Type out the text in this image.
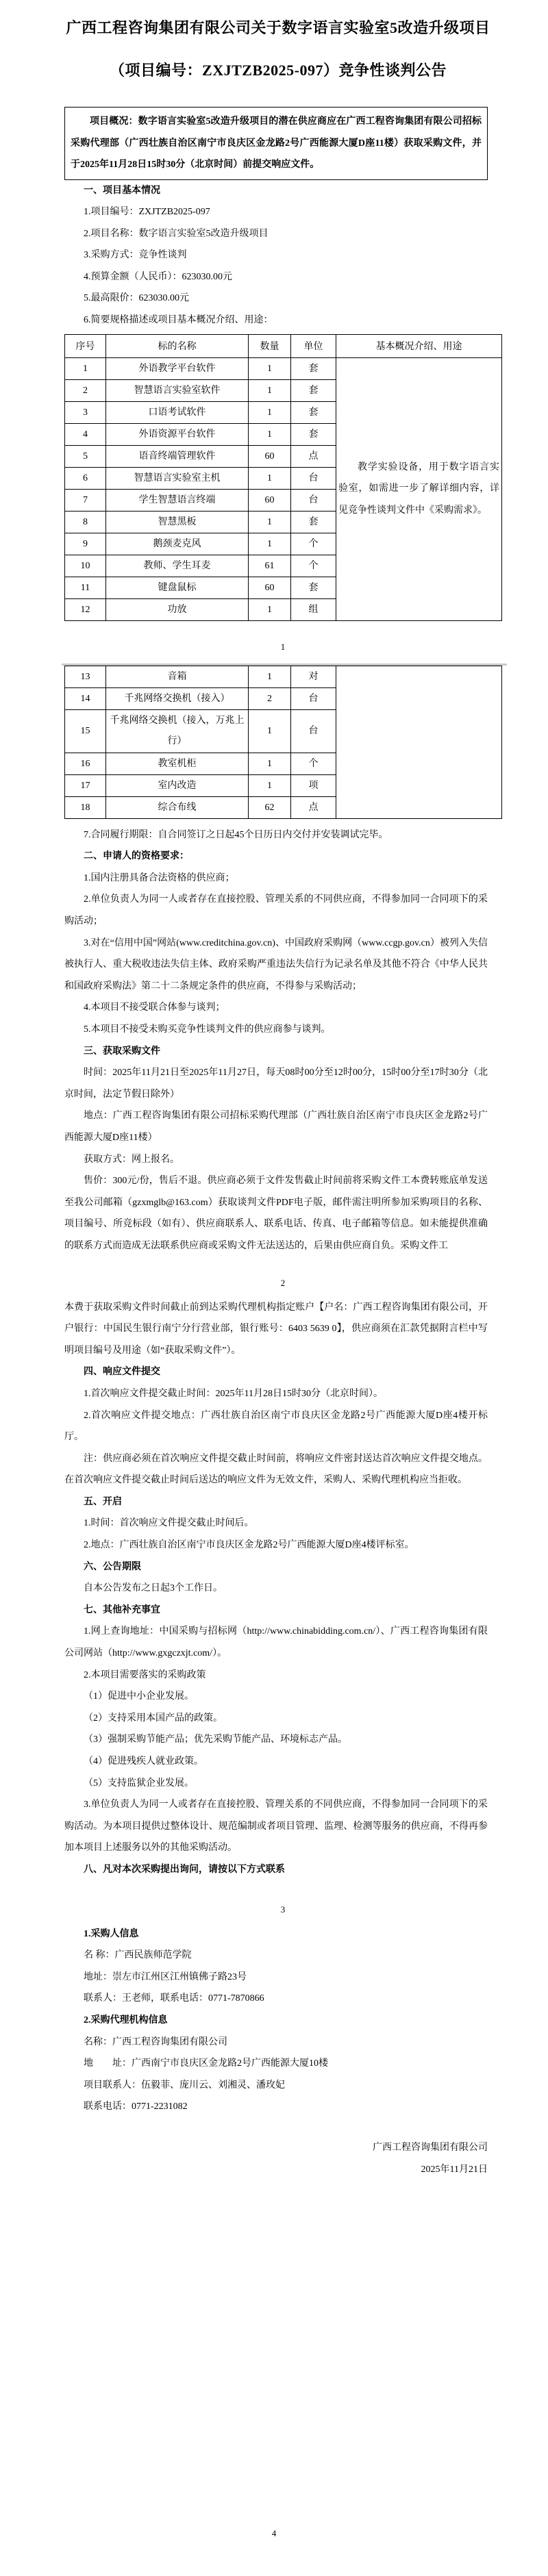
广西工程咨询集团有限公司关于数字语言实验室5改造升级项目
（项目编号：ZXJTZB2025-097）竞争性谈判公告

项目概况：数字语言实验室5改造升级项目的潜在供应商应在广西工程咨询集团有限公司招标采购代理部（广西壮族自治区南宁市良庆区金龙路2号广西能源大厦D座11楼）获取采购文件，并于2025年11月28日15时30分（北京时间）前提交响应文件。

一、项目基本情况

1.项目编号：ZXJTZB2025-097

2.项目名称：数字语言实验室5改造升级项目

3.采购方式：竞争性谈判

4.预算金额（人民币）：623030.00元

5.最高限价：623030.00元

6.简要规格描述或项目基本概况介绍、用途：

序号	标的名称	数量	单位	基本概况介绍、用途
1	外语教学平台软件	1	套	教学实验设备，用于数字语言实验室，如需进一步了解详细内容，详见竞争性谈判文件中《采购需求》。

2	智慧语言实验室软件	1	套	
3	口语考试软件	1	套	
4	外语资源平台软件	1	套	
5	语音终端管理软件	60	点	
6	智慧语言实验室主机	1	台	
7	学生智慧语言终端	60	台	
8	智慧黑板	1	套	
9	鹅颈麦克风	1	个	
10	教师、学生耳麦	61	个	
11	键盘鼠标	60	套	
12	功放	1	组	

1

13	音箱	1	对	
14	千兆网络交换机（接入）	2	台	
15	千兆网络交换机（接入，万兆上行）	1	台	
16	教室机柜	1	个	
17	室内改造	1	项	
18	综合布线	62	点	

7.合同履行期限：自合同签订之日起45个日历日内交付并安装调试完毕。

二、申请人的资格要求：

1.国内注册具备合法资格的供应商；

2.单位负责人为同一人或者存在直接控股、管理关系的不同供应商，不得参加同一合同项下的采购活动；

3.对在“信用中国”网站(www.creditchina.gov.cn)、中国政府采购网（www.ccgp.gov.cn）被列入失信被执行人、重大税收违法失信主体、政府采购严重违法失信行为记录名单及其他不符合《中华人民共和国政府采购法》第二十二条规定条件的供应商，不得参与采购活动；

4.本项目不接受联合体参与谈判；

5.本项目不接受未购买竞争性谈判文件的供应商参与谈判。

三、获取采购文件

时间：2025年11月21日至2025年11月27日，每天08时00分至12时00分，15时00分至17时30分（北京时间，法定节假日除外）

地点：广西工程咨询集团有限公司招标采购代理部（广西壮族自治区南宁市良庆区金龙路2号广西能源大厦D座11楼）

获取方式：网上报名。

售价：300元/份，售后不退。供应商必须于文件发售截止时间前将采购文件工本费转账底单发送至我公司邮箱（gzxmglb@163.com）获取谈判文件PDF电子版，邮件需注明所参加采购项目的名称、项目编号、所竞标段（如有）、供应商联系人、联系电话、传真、电子邮箱等信息。如未能提供准确的联系方式而造成无法联系供应商或采购文件无法送达的，后果由供应商自负。采购文件工

2

本费于获取采购文件时间截止前到达采购代理机构指定账户【户名：广西工程咨询集团有限公司，开户银行：中国民生银行南宁分行营业部，银行账号：6403 5639 0】，供应商须在汇款凭据附言栏中写明项目编号及用途（如“获取采购文件”）。

四、响应文件提交

1.首次响应文件提交截止时间：2025年11月28日15时30分（北京时间）。

2.首次响应文件提交地点：广西壮族自治区南宁市良庆区金龙路2号广西能源大厦D座4楼开标厅。

注：供应商必须在首次响应文件提交截止时间前，将响应文件密封送达首次响应文件提交地点。在首次响应文件提交截止时间后送达的响应文件为无效文件，采购人、采购代理机构应当拒收。

五、开启

1.时间：首次响应文件提交截止时间后。

2.地点：广西壮族自治区南宁市良庆区金龙路2号广西能源大厦D座4楼评标室。

六、公告期限

自本公告发布之日起3个工作日。

七、其他补充事宜

1.网上查询地址：中国采购与招标网（http://www.chinabidding.com.cn/）、广西工程咨询集团有限公司网站（http://www.gxgczxjt.com/）。

2.本项目需要落实的采购政策

（1）促进中小企业发展。

（2）支持采用本国产品的政策。

（3）强制采购节能产品；优先采购节能产品、环境标志产品。

（4）促进残疾人就业政策。

（5）支持监狱企业发展。

3.单位负责人为同一人或者存在直接控股、管理关系的不同供应商，不得参加同一合同项下的采购活动。为本项目提供过整体设计、规范编制或者项目管理、监理、检测等服务的供应商，不得再参加本项目上述服务以外的其他采购活动。

八、凡对本次采购提出询问，请按以下方式联系

3

1.采购人信息

名 称：广西民族师范学院

地址：崇左市江州区江州镇佛子路23号

联系人：王老师，联系电话：0771-7870866

2.采购代理机构信息

名称：广西工程咨询集团有限公司

地　　址：广西南宁市良庆区金龙路2号广西能源大厦10楼

项目联系人：伍毅菲、庞川云、刘湘灵、潘玫妃

联系电话：0771-2231082

广西工程咨询集团有限公司

2025年11月21日

4
